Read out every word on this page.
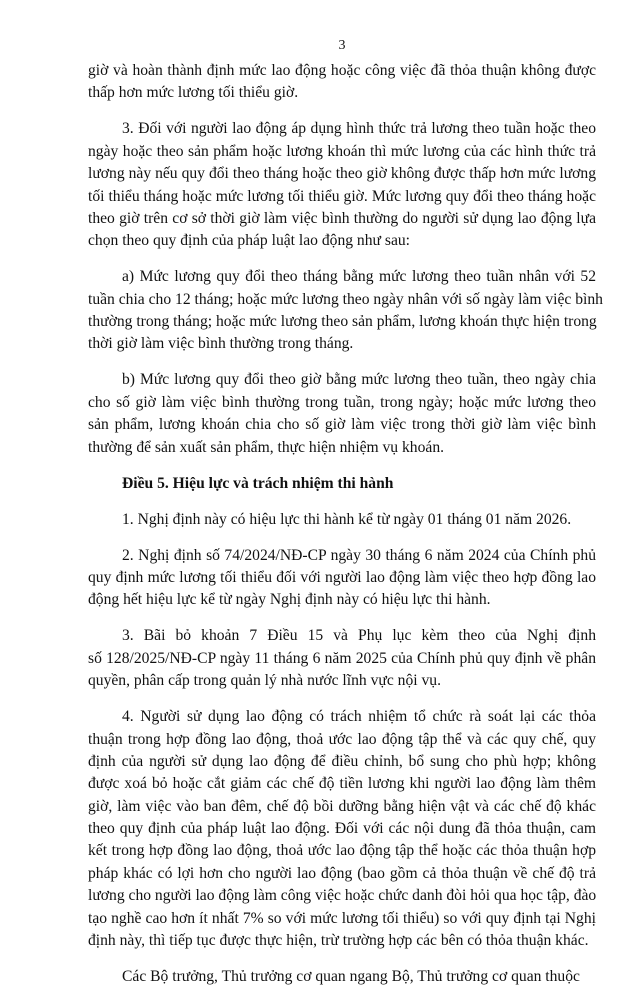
3
giờ và hoàn thành định mức lao động hoặc công việc đã thỏa thuận không được
thấp hơn mức lương tối thiểu giờ.
3. Đối với người lao động áp dụng hình thức trả lương theo tuần hoặc theo
ngày hoặc theo sản phẩm hoặc lương khoán thì mức lương của các hình thức trả
lương này nếu quy đổi theo tháng hoặc theo giờ không được thấp hơn mức lương
tối thiểu tháng hoặc mức lương tối thiểu giờ. Mức lương quy đổi theo tháng hoặc
theo giờ trên cơ sở thời giờ làm việc bình thường do người sử dụng lao động lựa
chọn theo quy định của pháp luật lao động như sau:
a) Mức lương quy đổi theo tháng bằng mức lương theo tuần nhân với 52
tuần chia cho 12 tháng; hoặc mức lương theo ngày nhân với số ngày làm việc bình
thường trong tháng; hoặc mức lương theo sản phẩm, lương khoán thực hiện trong
thời giờ làm việc bình thường trong tháng.
b) Mức lương quy đổi theo giờ bằng mức lương theo tuần, theo ngày chia
cho số giờ làm việc bình thường trong tuần, trong ngày; hoặc mức lương theo
sản phẩm, lương khoán chia cho số giờ làm việc trong thời giờ làm việc bình
thường để sản xuất sản phẩm, thực hiện nhiệm vụ khoán.
Điều 5. Hiệu lực và trách nhiệm thi hành
1. Nghị định này có hiệu lực thi hành kể từ ngày 01 tháng 01 năm 2026.
2. Nghị định số 74/2024/NĐ-CP ngày 30 tháng 6 năm 2024 của Chính phủ
quy định mức lương tối thiểu đối với người lao động làm việc theo hợp đồng lao
động hết hiệu lực kể từ ngày Nghị định này có hiệu lực thi hành.
3. Bãi bỏ khoản 7 Điều 15 và Phụ lục kèm theo của Nghị định
số 128/2025/NĐ-CP ngày 11 tháng 6 năm 2025 của Chính phủ quy định về phân
quyền, phân cấp trong quản lý nhà nước lĩnh vực nội vụ.
4. Người sử dụng lao động có trách nhiệm tổ chức rà soát lại các thỏa
thuận trong hợp đồng lao động, thoả ước lao động tập thể và các quy chế, quy
định của người sử dụng lao động để điều chỉnh, bổ sung cho phù hợp; không
được xoá bỏ hoặc cắt giảm các chế độ tiền lương khi người lao động làm thêm
giờ, làm việc vào ban đêm, chế độ bồi dưỡng bằng hiện vật và các chế độ khác
theo quy định của pháp luật lao động. Đối với các nội dung đã thỏa thuận, cam
kết trong hợp đồng lao động, thoả ước lao động tập thể hoặc các thỏa thuận hợp
pháp khác có lợi hơn cho người lao động (bao gồm cả thỏa thuận về chế độ trả
lương cho người lao động làm công việc hoặc chức danh đòi hỏi qua học tập, đào
tạo nghề cao hơn ít nhất 7% so với mức lương tối thiểu) so với quy định tại Nghị
định này, thì tiếp tục được thực hiện, trừ trường hợp các bên có thỏa thuận khác.
Các Bộ trưởng, Thủ trưởng cơ quan ngang Bộ, Thủ trưởng cơ quan thuộc
